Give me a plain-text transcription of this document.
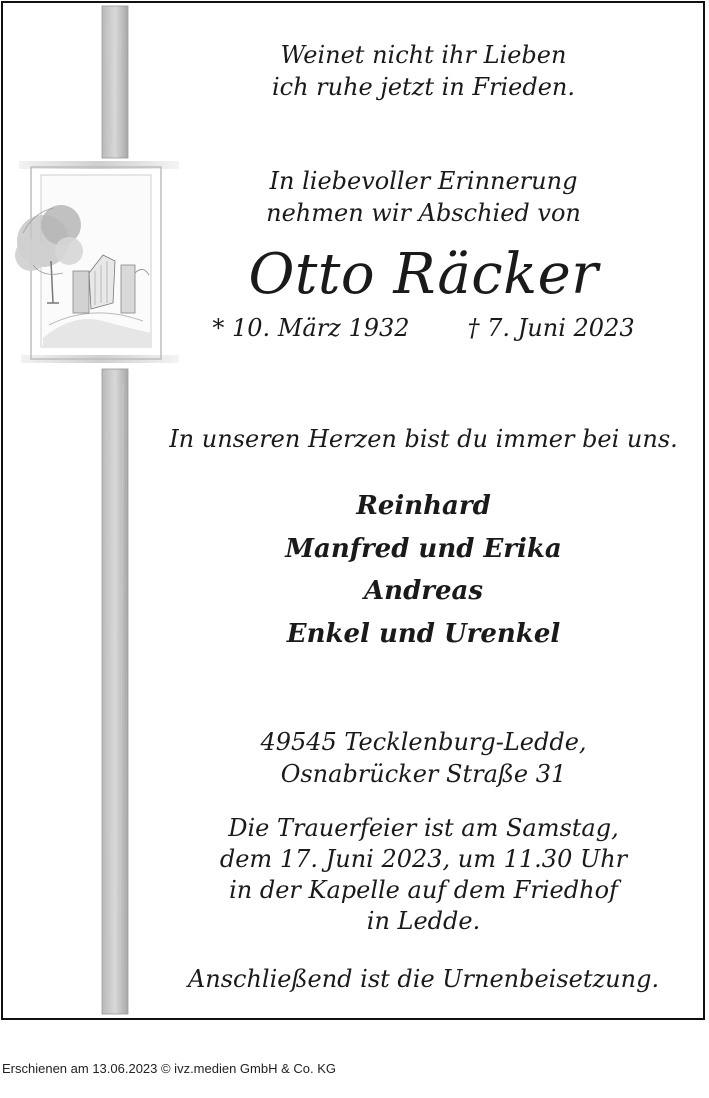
Weinet nicht ihr Lieben
ich ruhe jetzt in Frieden.
In liebevoller Erinnerung
nehmen wir Abschied von
Otto Räcker
* 10. März 1932 † 7. Juni 2023
In unseren Herzen bist du immer bei uns.
Reinhard
Manfred und Erika
Andreas
Enkel und Urenkel
49545 Tecklenburg-Ledde,
Osnabrücker Straße 31
Die Trauerfeier ist am Samstag,
dem 17. Juni 2023, um 11.30 Uhr
in der Kapelle auf dem Friedhof
in Ledde.
Anschließend ist die Urnenbeisetzung.
Erschienen am 13.06.2023 © ivz.medien GmbH & Co. KG
